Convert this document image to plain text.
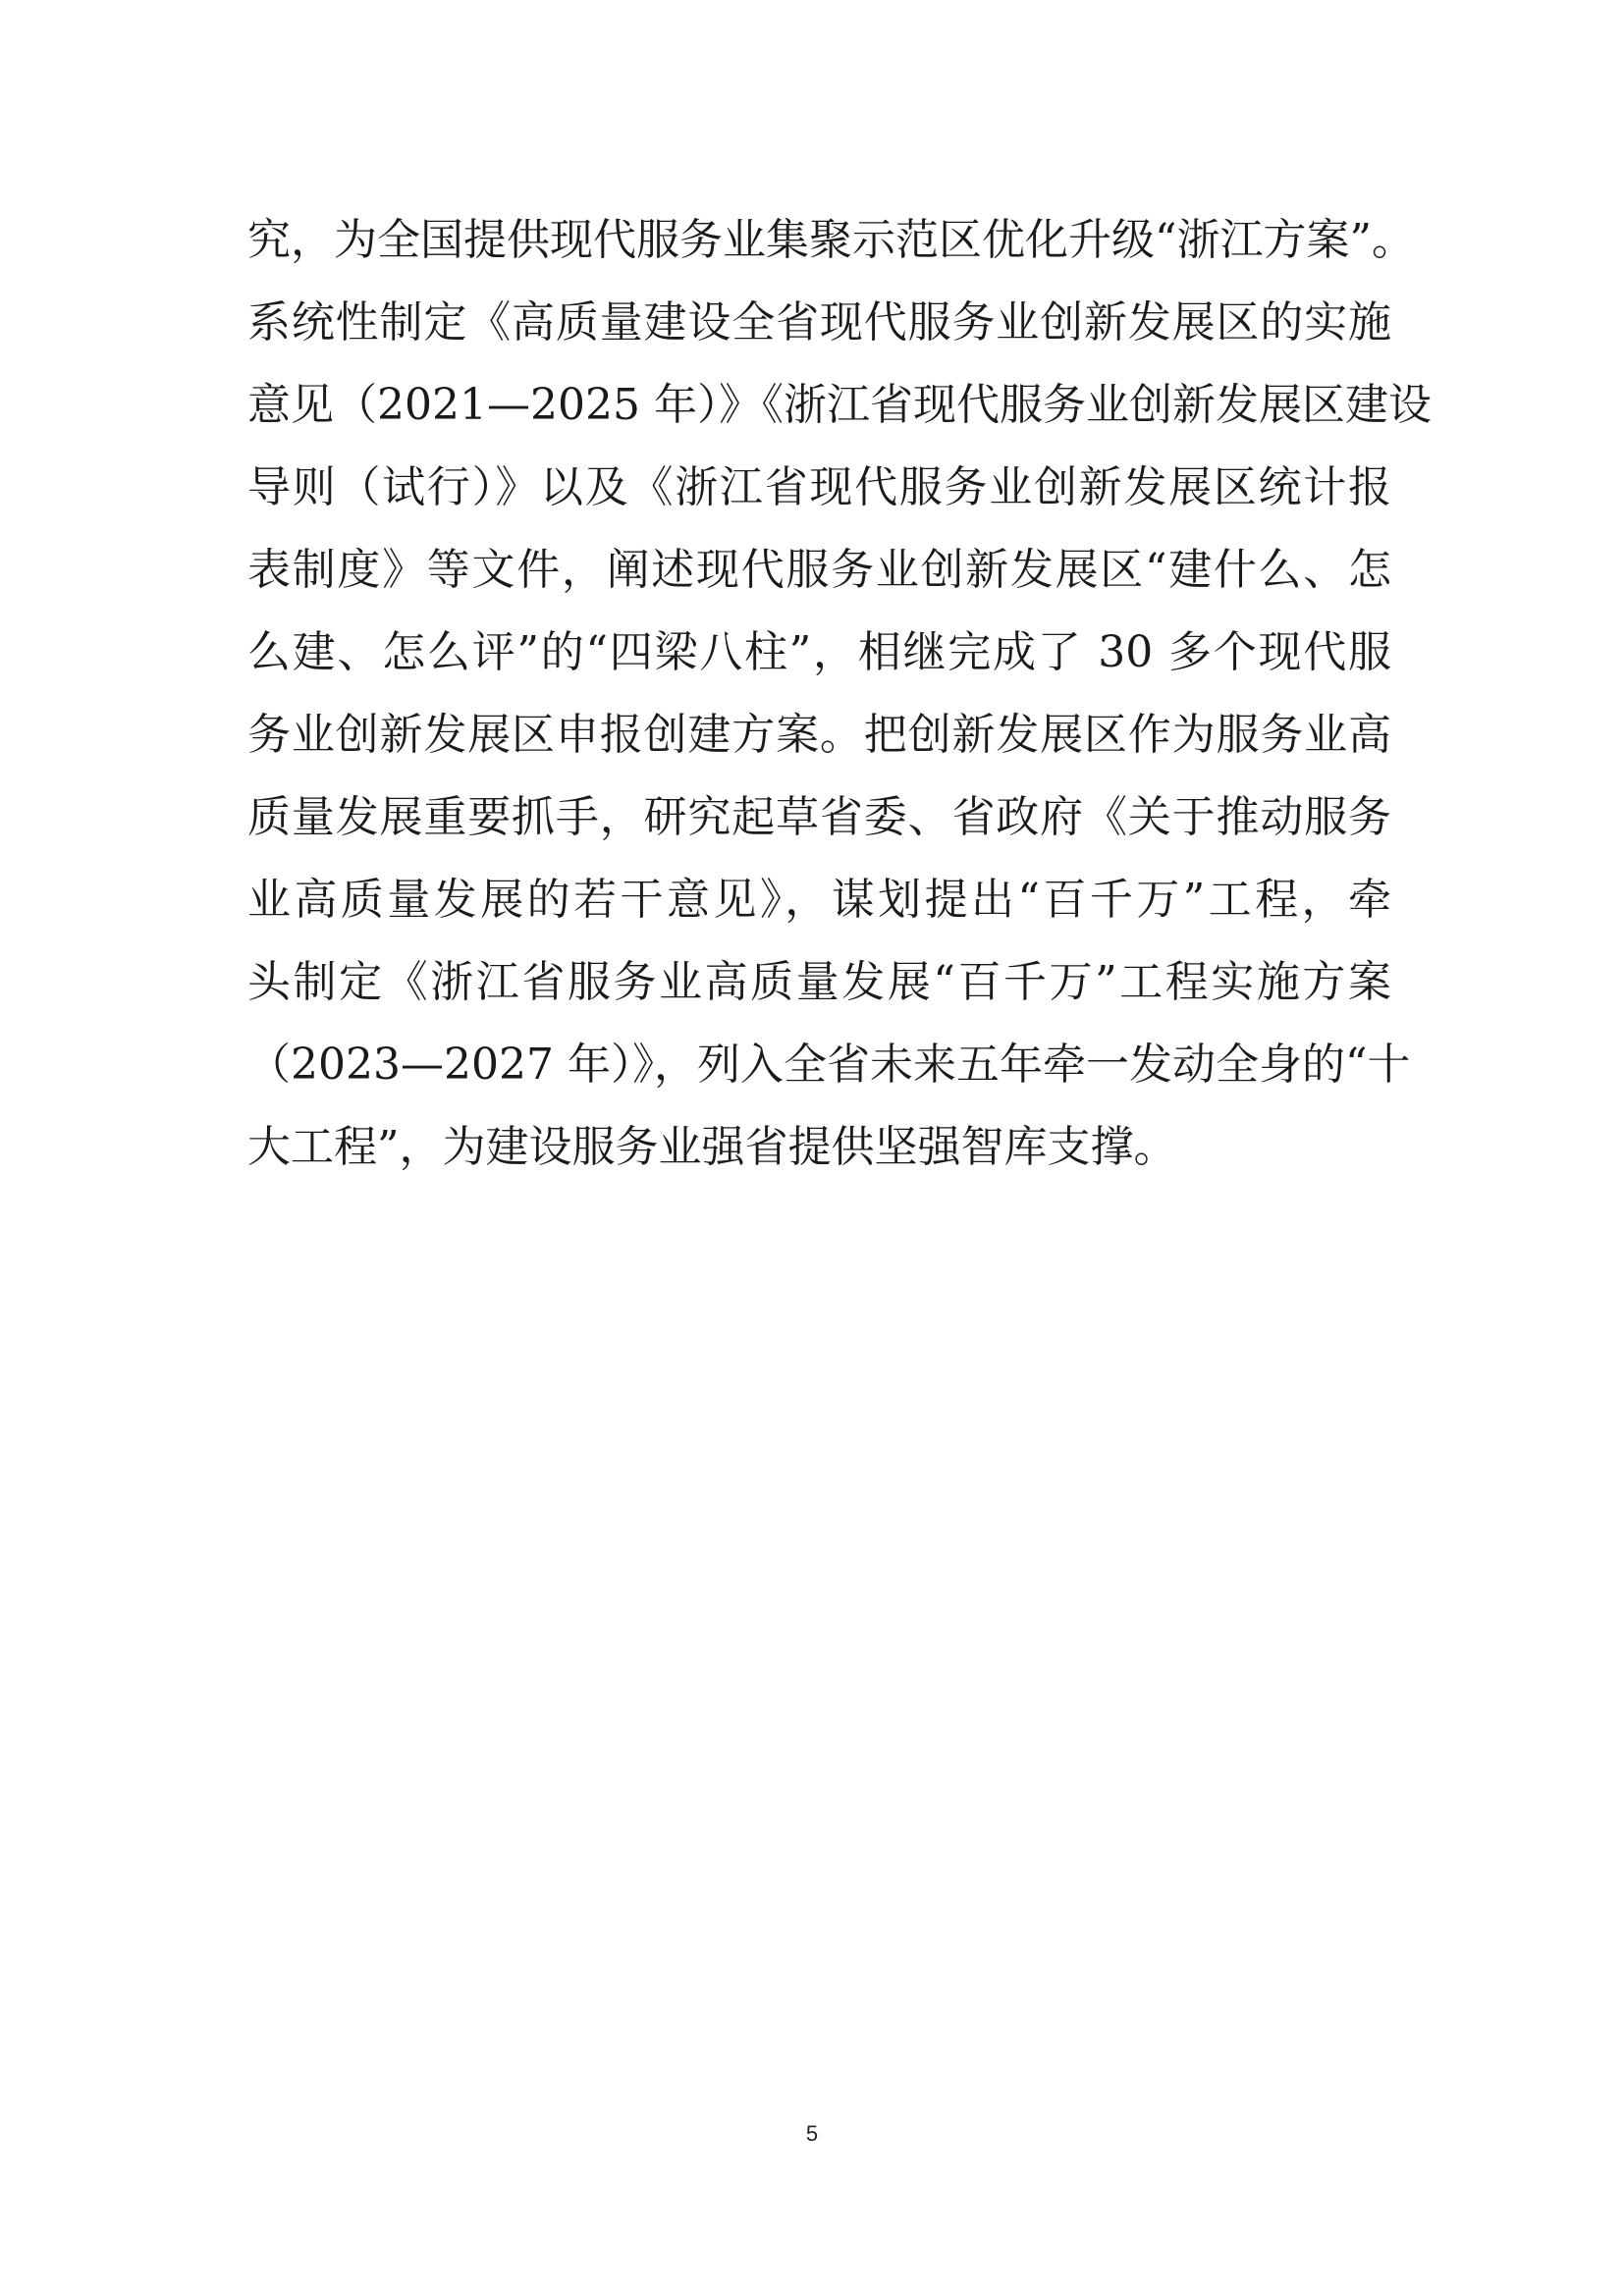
究，为全国提供现代服务业集聚示范区优化升级“浙江方案”。
系统性制定《高质量建设全省现代服务业创新发展区的实施
意见（2021—2025 年）》《浙江省现代服务业创新发展区建设
导则（试行）》以及《浙江省现代服务业创新发展区统计报
表制度》等文件，阐述现代服务业创新发展区“建什么、怎
么建、怎么评”的“四梁八柱”，相继完成了 30 多个现代服
务业创新发展区申报创建方案。把创新发展区作为服务业高
质量发展重要抓手，研究起草省委、省政府《关于推动服务
业高质量发展的若干意见》，谋划提出“百千万”工程，牵
头制定《浙江省服务业高质量发展“百千万”工程实施方案
（2023—2027 年）》，列入全省未来五年牵一发动全身的“十
大工程”，为建设服务业强省提供坚强智库支撑。
5
